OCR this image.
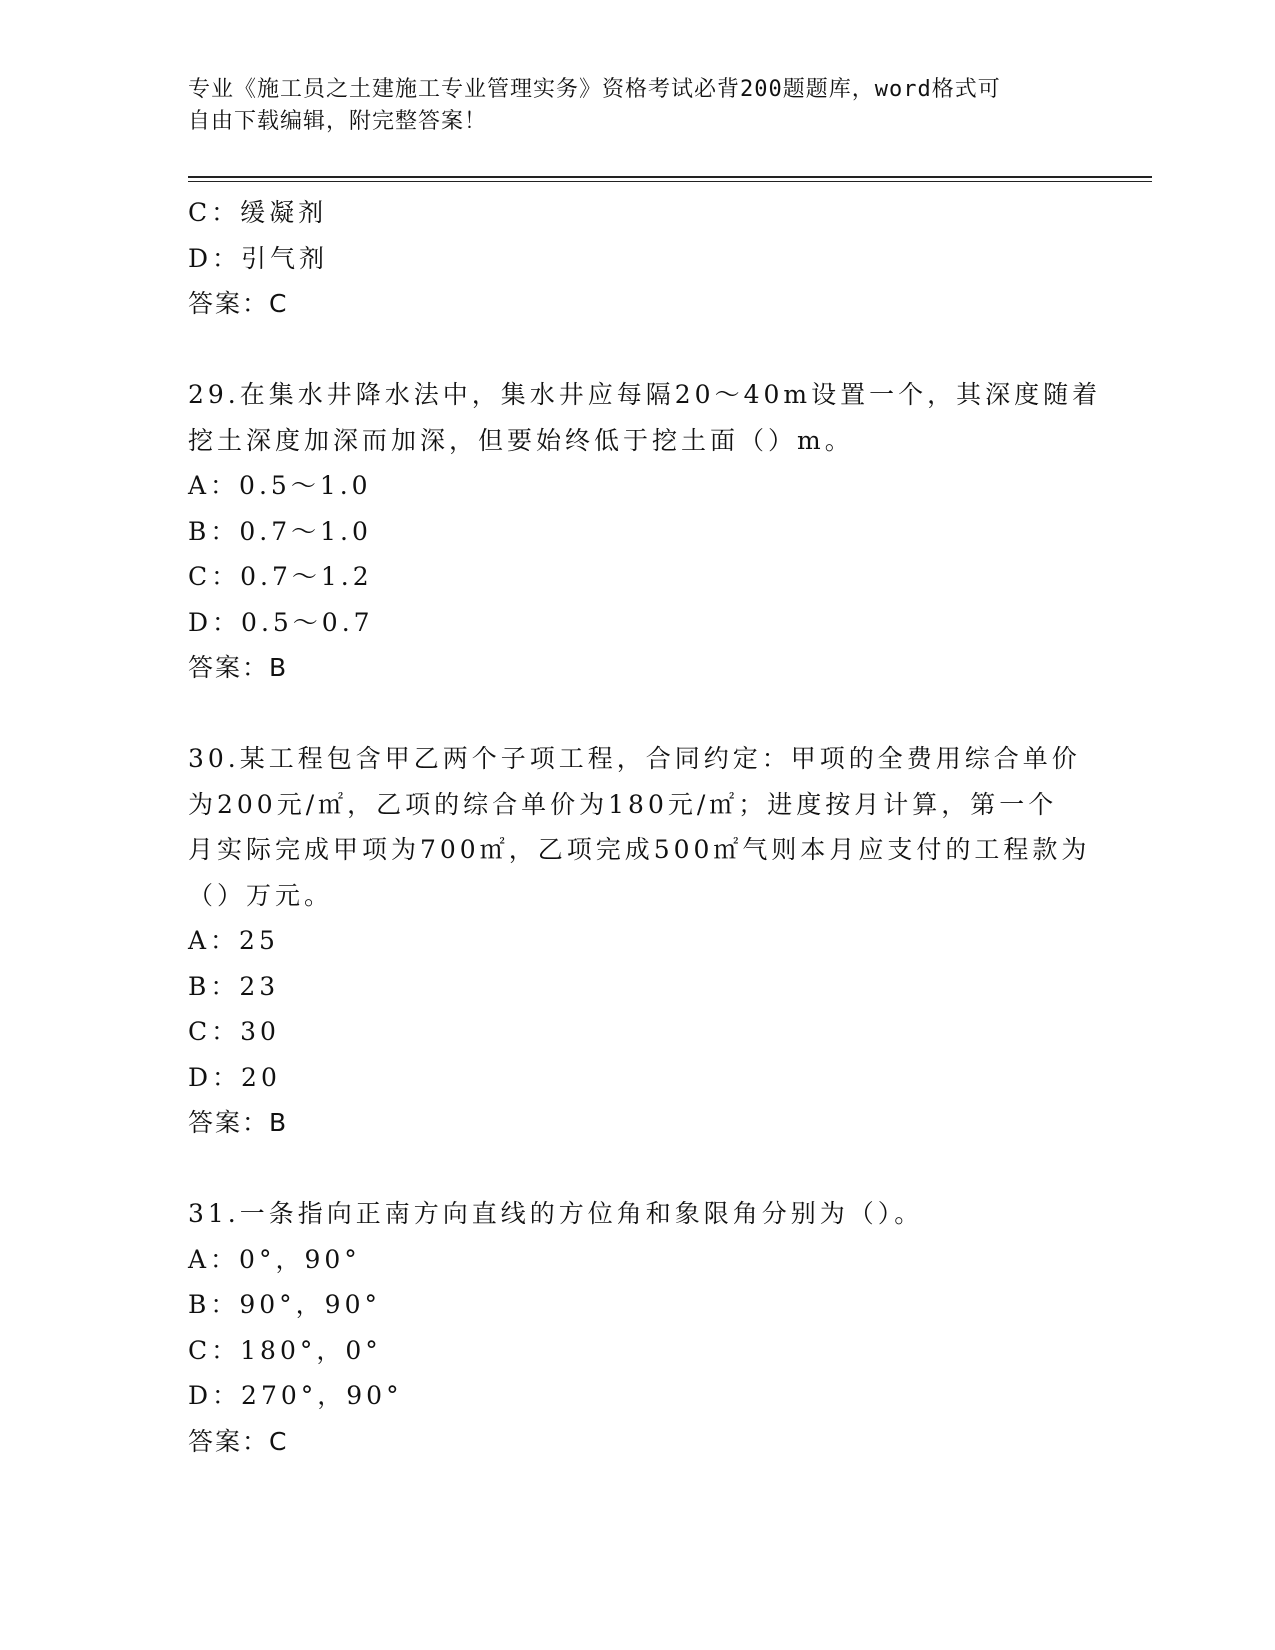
专业《施工员之土建施工专业管理实务》资格考试必背200题题库，word格式可
自由下载编辑，附完整答案！
C：缓凝剂
D：引气剂
答案：C
29.在集水井降水法中，集水井应每隔20～40m设置一个，其深度随着
挖土深度加深而加深，但要始终低于挖土面（）m。
A：0.5～1.0
B：0.7～1.0
C：0.7～1.2
D：0.5～0.7
答案：B
30.某工程包含甲乙两个子项工程，合同约定：甲项的全费用综合单价
为200元/㎡，乙项的综合单价为180元/㎡；进度按月计算，第一个
月实际完成甲项为700㎡，乙项完成500㎡气则本月应支付的工程款为
（）万元。
A：25
B：23
C：30
D：20
答案：B
31.一条指向正南方向直线的方位角和象限角分别为（）。
A：0°，90°
B：90°，90°
C：180°，0°
D：270°，90°
答案：C
